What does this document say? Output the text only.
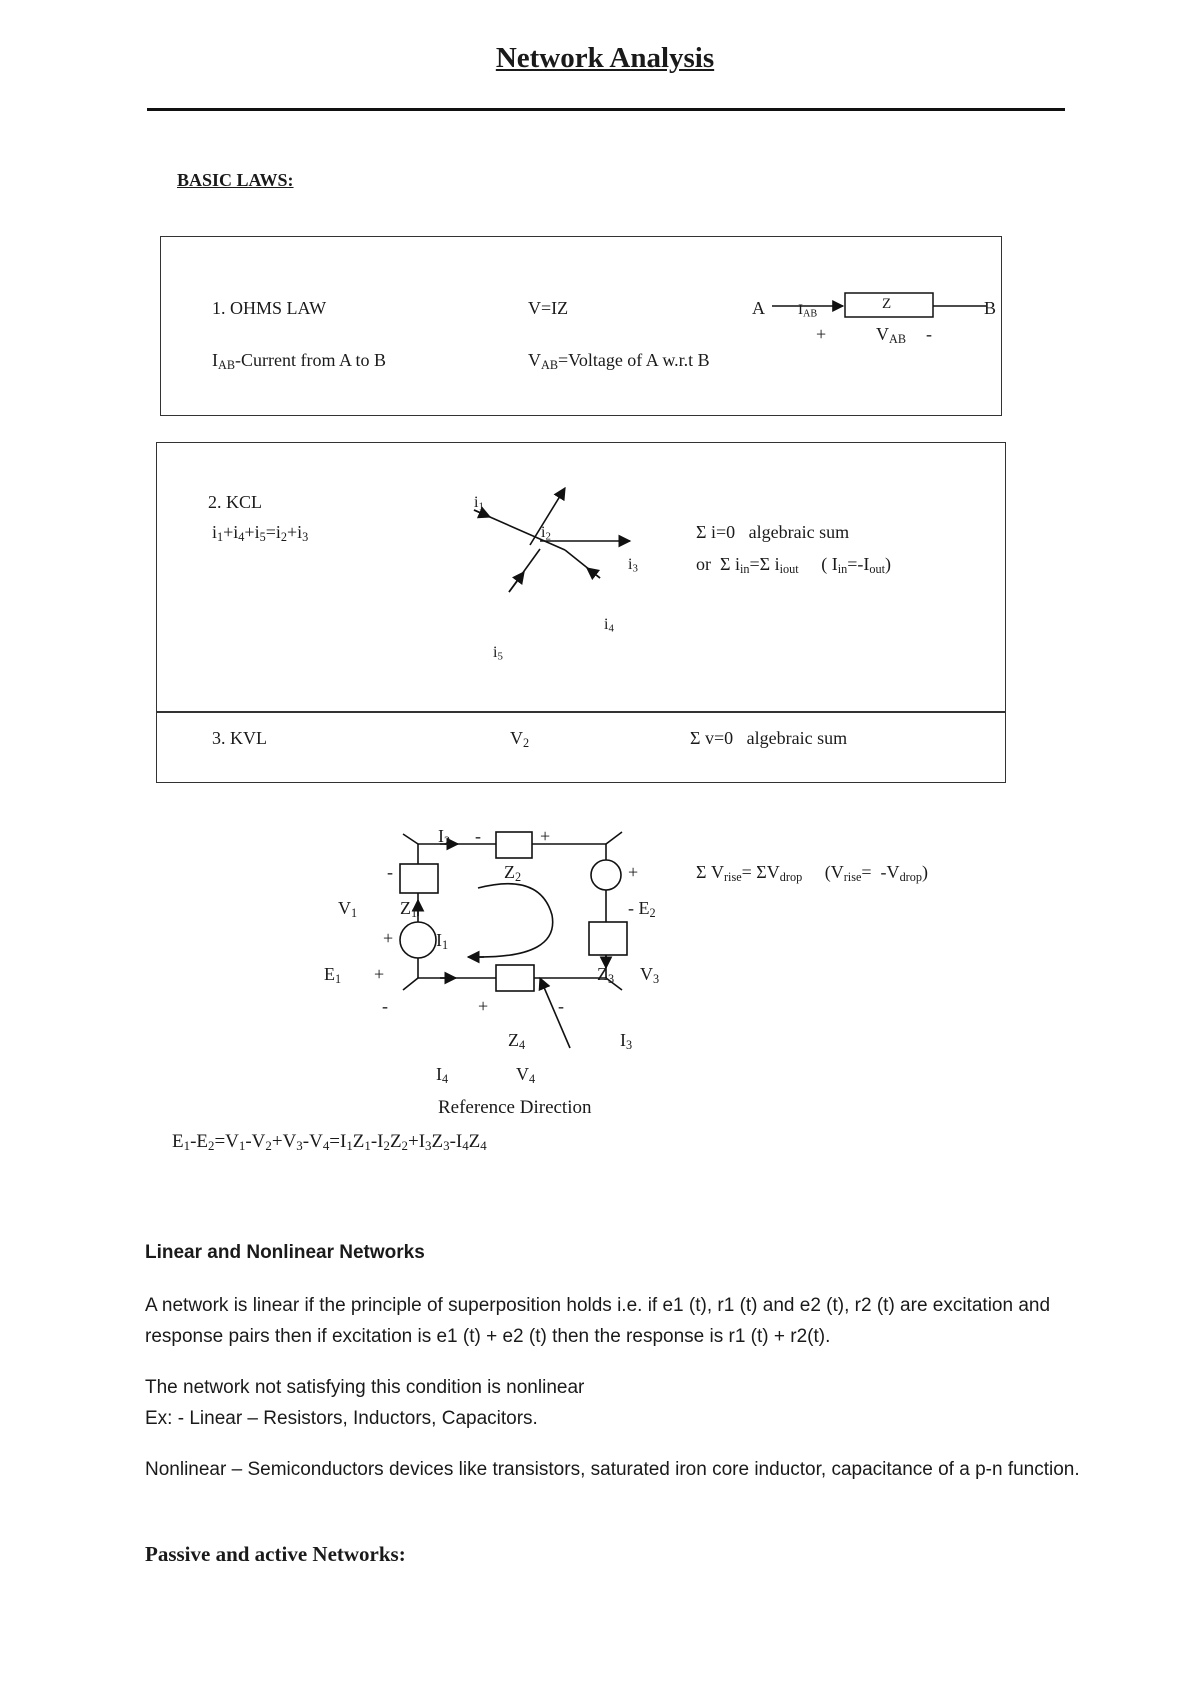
Network Analysis
BASIC LAWS:
1. OHMS LAW	V=IZ	A $I_{AB}$
Z	B
+	$V_{AB}$ -
$I_{AB}$-Current from A to B	$V_{AB}=Voltage$ of A w.r.t B
2. KCL
$i_1+i_4+i_5=i_2+i_3$
$i_1$
$i_2$
$i_3$
$i_4$
$i_5$
Σ i=0   algebraic sum
or  Σ $i_{in}=\Sigma$ $i_{iout}$     ( $I_{in}=-I_{out}$)
3. KVL	$V_2$	Σ v=0   algebraic sum
Σ $V_{rise}= \Sigma V_{drop}$     $(V_{rise}= -V_{drop})$
$I_2$ -	+
$Z_2$
-	+
$V_1$ $Z_1$	- $E_2$
+ $I_1$
$E_1$ +	$Z_3$ $V_3$
-	+	-
$Z_4$	$I_3$
$I_4$	$V_4$
Reference Direction
$E_1-E_2=V_1-V_2+V_3-V_4=I_1Z_1-I_2Z_2+I_3Z_3-I_4Z_4$
Linear and Nonlinear Networks
A network is linear if the principle of superposition holds i.e. if e1 (t), r1 (t) and e2 (t), r2 (t) are excitation and response pairs then if excitation is e1 (t) + e2 (t) then the response is r1 (t) + r2(t).
The network not satisfying this condition is nonlinear
Ex: - Linear – Resistors, Inductors, Capacitors.
Nonlinear – Semiconductors devices like transistors, saturated iron core inductor, capacitance of a p-n function.
Passive and active Networks:
